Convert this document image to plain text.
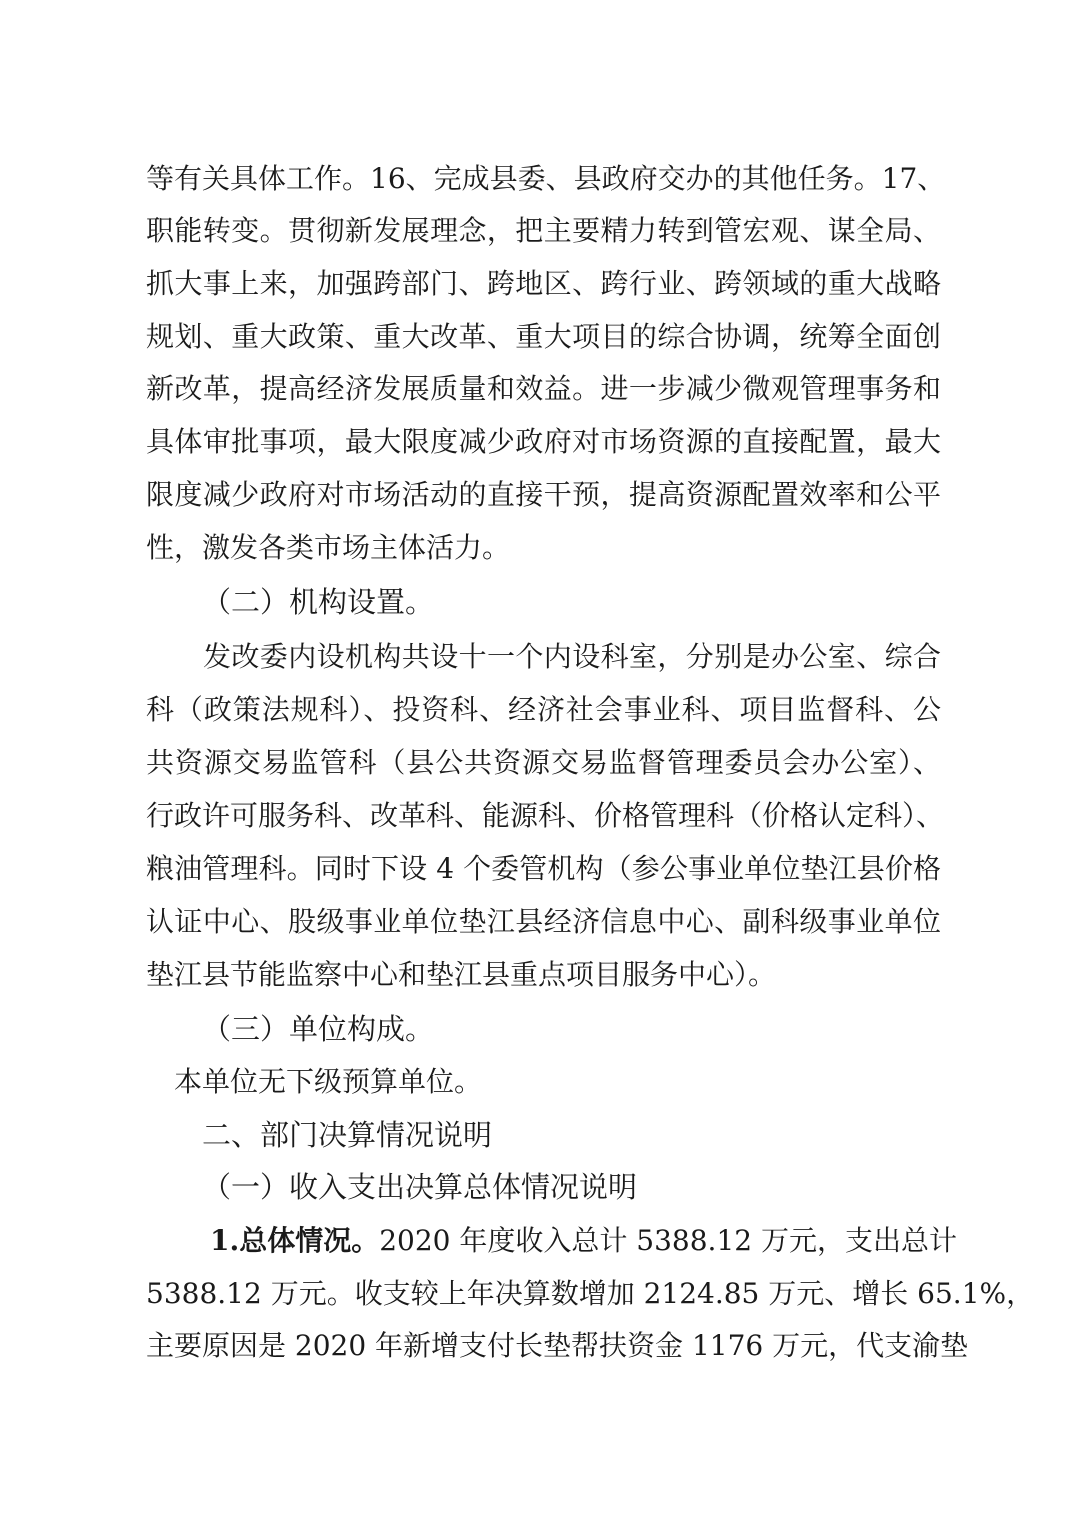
等有关具体工作。16、完成县委、县政府交办的其他任务。17、
职能转变。贯彻新发展理念，把主要精力转到管宏观、谋全局、
抓大事上来，加强跨部门、跨地区、跨行业、跨领域的重大战略
规划、重大政策、重大改革、重大项目的综合协调，统筹全面创
新改革，提高经济发展质量和效益。进一步减少微观管理事务和
具体审批事项，最大限度减少政府对市场资源的直接配置，最大
限度减少政府对市场活动的直接干预，提高资源配置效率和公平
性，激发各类市场主体活力。
（二）机构设置。
发改委内设机构共设十一个内设科室，分别是办公室、综合
科（政策法规科）、投资科、经济社会事业科、项目监督科、公
共资源交易监管科（县公共资源交易监督管理委员会办公室）、
行政许可服务科、改革科、能源科、价格管理科（价格认定科）、
粮油管理科。同时下设 4 个委管机构（参公事业单位垫江县价格
认证中心、股级事业单位垫江县经济信息中心、副科级事业单位
垫江县节能监察中心和垫江县重点项目服务中心）。
（三）单位构成。
本单位无下级预算单位。
二、部门决算情况说明
（一）收入支出决算总体情况说明
1.总体情况。2020 年度收入总计 5388.12 万元，支出总计
5388.12 万元。收支较上年决算数增加 2124.85 万元、增长 65.1%，
主要原因是 2020 年新增支付长垫帮扶资金 1176 万元，代支渝垫
